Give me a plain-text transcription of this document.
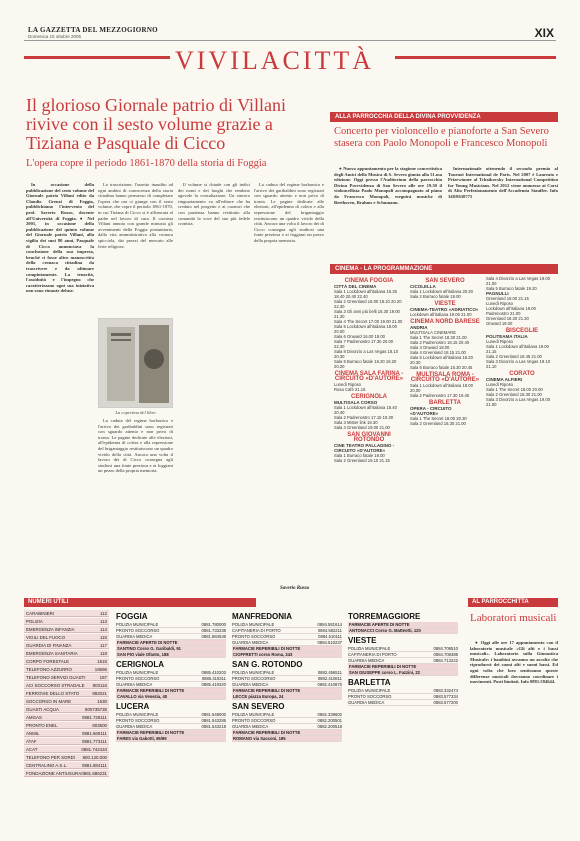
LA GAZZETTA DEL MEZZOGIORNO
Domenica 15 ottobre 2006	XIX
VIVILACITTÀ
Il glorioso Giornale patrio di Villani rivive con il sesto volume grazie a Tiziana e Pasquale di Cicco
L'opera copre il periodo 1861-1870 della storia di Foggia

In occasione della pubblicazione del sesto volume del Giornale patrio Villani edito da Claudio Grenzi di Foggia, pubblichiamo l'intervento del prof. Saverio Russo, docente all'Università di Foggia. ● Nel 2001, in occasione della pubblicazione del quinto volume del Giornale patrio Villani, alla vigilia dei suoi 80 anni, Pasquale di Cicco annunciava la conclusione della sua impresa, benché ci fosse altro manoscritto della cronaca cittadina da trascrivere e da ultimare compiutamente. La tenacità, l'assiduità e l'impegno che caratterizzano ogni sua iniziativa non sono rimaste deluse.

La trascrizione, l'assetto inaudito ad ogni ambito di conoscenza della storia cittadina hanno permesso di completare l'opera che ora ci giunge con il sesto volume, che copre il periodo 1861-1870, in cui Tiziana di Cicco si è affiancata al padre nel lavoro di cura. Il cronista Villani annota con grande minuzia gli avvenimenti della Foggia postunitaria, dalla vita amministrativa alla cronaca spicciola, dai prezzi del mercato alle feste religiose.

La copertina del libro

La caduta del regime borbonico e l'arrivo dei garibaldini sono registrati con sguardo attento e non privo di ironia. Le pagine dedicate alle elezioni, all'epidemia di colera e alla repressione del brigantaggio restituiscono un quadro vivido della città. Ancora una volta il lavoro dei di Cicco consegna agli studiosi una fonte preziosa e ai foggiani un pezzo della propria memoria.

Il volume si chiude con gli indici dei nomi e dei luoghi che rendono agevole la consultazione. Un sincero ringraziamento va all'editore che ha creduto nel progetto e ai curatori che con pazienza hanno restituito alla comunità la voce del suo più fedele cronista.

La caduta del regime borbonico e l'arrivo dei garibaldini sono registrati con sguardo attento e non privo di ironia. Le pagine dedicate alle elezioni, all'epidemia di colera e alla repressione del brigantaggio restituiscono un quadro vivido della città. Ancora una volta il lavoro dei di Cicco consegna agli studiosi una fonte preziosa e ai foggiani un pezzo della propria memoria.

Saverio Russo
ALLA PARROCCHIA DELLA DIVINA PROVVIDENZA
Concerto per violoncello e pianoforte a San Severo stasera con Paolo Monopoli e Francesco Monopoli

● Nuovo appuntamento per la stagione concertistica degli Amici della Musica di S. Severo giunta alla 51.ma edizione. Oggi presso l'Auditorium della parrocchia Divina Provvidenza di San Severo alle ore 19.30 il violoncellista Paolo Monopoli accompagnato al piano da Francesco Monopoli, eseguirà musiche di Beethoven, Brahms e Schumann.

Internazionale ottenendo il secondo premio al Tournoi International de Paris. Nel 2007 è Laureato e Prizewinner al Tchaikovsky International Competition for Young Musicians. Nel 2012 viene ammesso ai Corsi di Alto Perfezionamento dell'Accademia Stauffer. Info 348/8638775

CINEMA - LA PROGRAMMAZIONE
CINEMA FOGGIA
CITTÀ DEL CINEMA
Sala 1 Lockdown all'italiana 16.35 18.40 20.40 22.40
Sala 2 Greenland 16.00 18.10 20.20 22.30
Sala 3 Gli anni più belli 16.30 19.00 21.30
Sala 4 The Secret 17.00 19.00 21.00
Sala 5 Lockdown all'italiana 18.00 20.00
Sala 6 Onward 16.00 18.00
Sala 7 Padrenostro 17.30 20.00 22.30
Sala 8 Divorzio a Las Vegas 18.10 20.30
Sala 9 Burraco fatale 16.20 18.20 20.20
CINEMA SALA FARINA - CIRCUITO «D'AUTORE»
Lunedì Riposo
Rosa Cafè 21.15
CERIGNOLA
MULTISALA CORSO
Sala 1 Lockdown all'italiana 18.40 20.40
Sala 2 Padrenostro 17.15 19.30
Sala 3 Mister link 18.30
Sala 4 Greenland 19.00 21.00
SAN GIOVANNI ROTONDO
CINE TEATRO PALLADINO - CIRCUITO «D'AUTORE»
Sala 1 Burraco fatale 19.00
Sala 2 Greenland 19.10 21.15
SAN SEVERO
CICOLELLA
Sala 1 Lockdown all'italiana 20.30
Sala 2 Burraco fatale 19.00
VIESTE
CINEMA-TEATRO «ADRIATICO»
Lockdown all'italiana 19.00 21.00
CINEMA NORD BARESE
ANDRIA
MULTISALA CINEMARE
Sala 1 The Secret 18.30 21.00
Sala 2 Padrenostro 18.15 20.40
Sala 3 Onward 18.00
Sala 4 Greenland 18.15 21.00
Sala 5 Lockdown all'italiana 18.20 20.30
Sala 6 Burraco fatale 18.30 20.45
MULTISALA ROMA - CIRCUITO «D'AUTORE»
Sala 1 Lockdown all'italiana 18.00 20.00
Sala 2 Padrenostro 17.30 19.40
BARLETTA
OPERA - CIRCUITO «D'AUTORE»
Sala 1 The Secret 18.00 20.30
Sala 2 Greenland 18.30 21.00
Sala 4 Divorzio a Las Vegas 19.00 21.00
Sala 5 Burraco fatale 19.20
PAGNULLI
Greenland 19.00 21.15
Lunedì Riposo
Lockdown all'italiana 19.00
Padrenostro 21.00
Greenland 18.30 21.30
Onward 19.00
BISCEGLIE
POLITEAMA ITALIA
Lunedì Riposo
Sala 1 Lockdown all'italiana 19.00 21.15
Sala 2 Greenland 18.45 21.00
Sala 3 Divorzio a Las Vegas 19.10 21.10
CORATO
CINEMA ALFIERI
Lunedì Riposo
Sala 1 The Secret 18.00 20.00
Sala 2 Greenland 18.30 21.00
Sala 3 Divorzio a Las Vegas 19.00 21.00
NUMERI UTILI
CARABINIERI	112
POLIZIA	113
EMERGENZA INFANZIA	114
VIGILI DEL FUOCO	115
GUARDIA DI FINANZA	117
EMERGENZA SANITARIA	118
CORPO FORESTALE	1515
TELEFONO AZZURRO	19696
TELEFONO SERVIZI GUASTI	187
ACI SOCCORSO STRADALE 803116
FERROVIE DELLO STATO	892021
SOCCORSO IN MARE	1530
GUASTI ACQUA	800735735
AMGAS	0881.728111
PRONTO ENEL	803500
ANMIL	0881.669111
ATAF	0881.773111
ACAT	0881.742434
TELEFONO PER SORDI 800.120.000
CENTRALINO A.S.L.	0881.884111
FONDAZIONE ANTIUSURA 0881.686231
FOGGIA
POLIZIA MUNICIPALE	0881.780000
PRONTO SOCCORSO	0881.733238
GUARDIA MEDICA	0881.884538
FARMACIE APERTE DI NOTTE
SANTINO Corso G. Garibaldi, 91
SAN PIO viale Ofanto, 188
CERIGNOLA
POLIZIA MUNICIPALE	0885.410203
PRONTO SOCCORSO	0885.419311
GUARDIA MEDICA	0885.419320
FARMACIE REPERIBILI DI NOTTE
CAVALLO via Venezia, 40
LUCERA
POLIZIA MUNICIPALE	0881.548000
PRONTO SOCCORSO	0881.543285
GUARDIA MEDICA	0881.543218
FARMACIE REPERIBILI DI NOTTE
FARES via Gabotti, 95/99
MANFREDONIA
POLIZIA MUNICIPALE	0884.581614
CAPITANERIA DI PORTO	0884.582211
PRONTO SOCCORSO	0884.510111
GUARDIA MEDICA	0884.510237
FARMACIE REPERIBILI DI NOTTE
CIOFFRETTI corso Roma, 243
SAN G. ROTONDO
POLIZIA MUNICIPALE	0882.456511
PRONTO SOCCORSO	0882.410811
GUARDIA MEDICA	0882.410870
FARMACIE REPERIBILI DI NOTTE
LECCE piazza Europa, 24
SAN SEVERO
POLIZIA MUNICIPALE	0882.339602
PRONTO SOCCORSO	0882.200501
GUARDIA MEDICA	0882.200518
FARMACIE REPERIBILI DI NOTTE
ROMANO via Sacconi, 195
TORREMAGGIORE
FARMACIE APERTE DI NOTTE
ANTONACCI Corso G. Matteotti, 120
VIESTE
POLIZIA MUNICIPALE	0884.708510
CAPITANERIA DI PORTO	0884.708388
GUARDIA MEDICA	0884.713222
FARMACIE REPERIBILI DI NOTTE
SAN GIUSEPPE corso L. Fazzini, 22
BARLETTA
POLIZIA MUNICIPALE	0883.332474
PRONTO SOCCORSO	0883.577334
GUARDIA MEDICA	0883.577200
AL PARROCCHITTA
Laboratori musicali

● Oggi alle ore 17 appuntamento con il laboratorio musicale «Gli alti e i bassi musicali». Laboratorio sulla Ginnastica Musicale: i bambini avranno un ascolto che riprodurrà dei suoni alti e suoni bassi. Ed ogni volta che loro sentiranno queste differenze musicali dovranno coordinare i movimenti. Posti limitati. Info 0881.584644.
